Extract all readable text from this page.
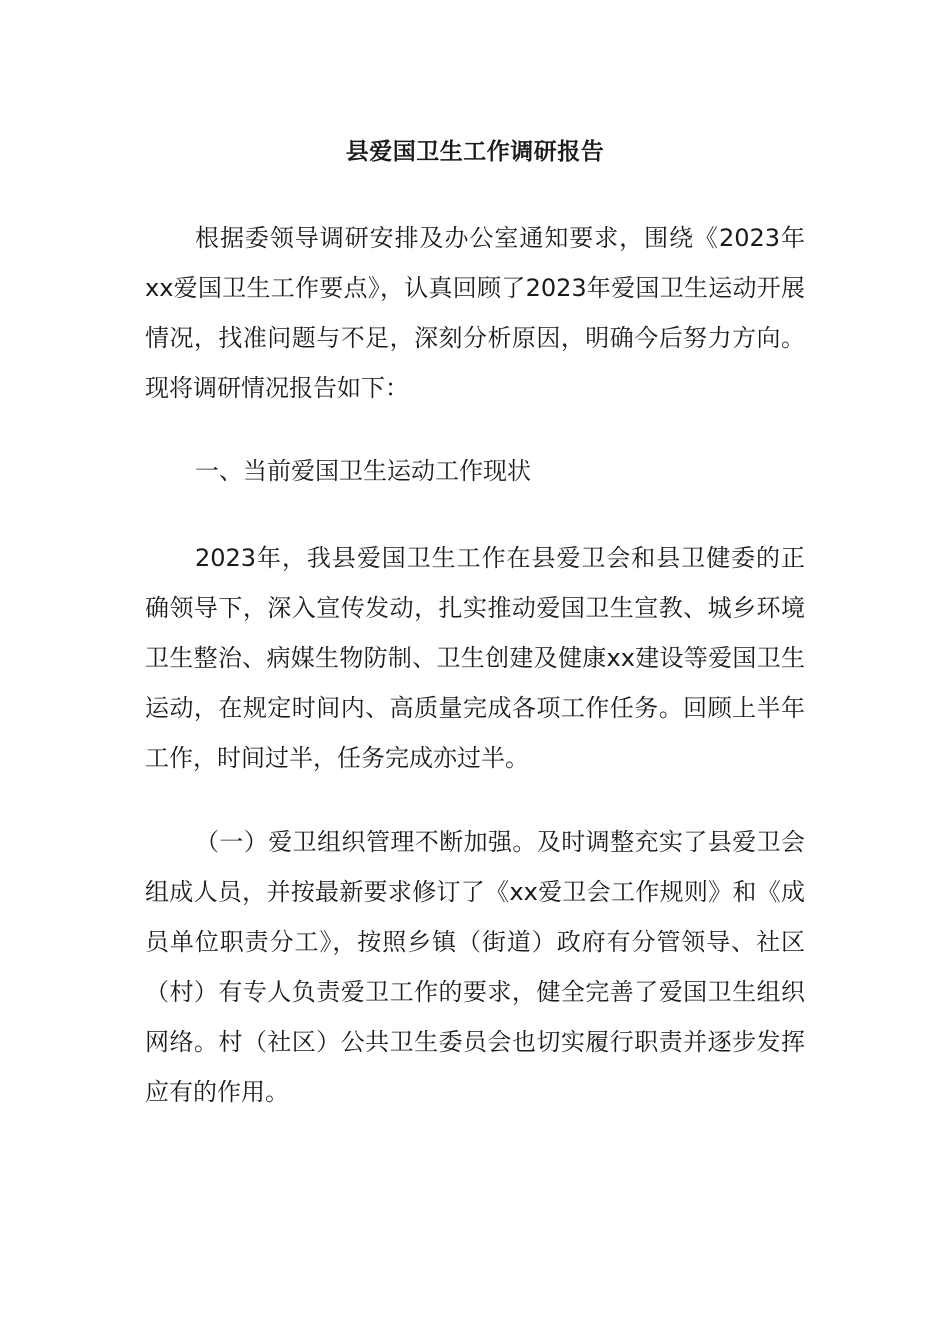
县爱国卫生工作调研报告

根据委领导调研安排及办公室通知要求，围绕《2023年xx爱国卫生工作要点》，认真回顾了2023年爱国卫生运动开展情况，找准问题与不足，深刻分析原因，明确今后努力方向。现将调研情况报告如下：

一、当前爱国卫生运动工作现状

2023年，我县爱国卫生工作在县爱卫会和县卫健委的正确领导下，深入宣传发动，扎实推动爱国卫生宣教、城乡环境卫生整治、病媒生物防制、卫生创建及健康xx建设等爱国卫生运动，在规定时间内、高质量完成各项工作任务。回顾上半年工作，时间过半，任务完成亦过半。

（一）爱卫组织管理不断加强。及时调整充实了县爱卫会组成人员，并按最新要求修订了《xx爱卫会工作规则》和《成员单位职责分工》，按照乡镇（街道）政府有分管领导、社区（村）有专人负责爱卫工作的要求，健全完善了爱国卫生组织网络。村（社区）公共卫生委员会也切实履行职责并逐步发挥应有的作用。
